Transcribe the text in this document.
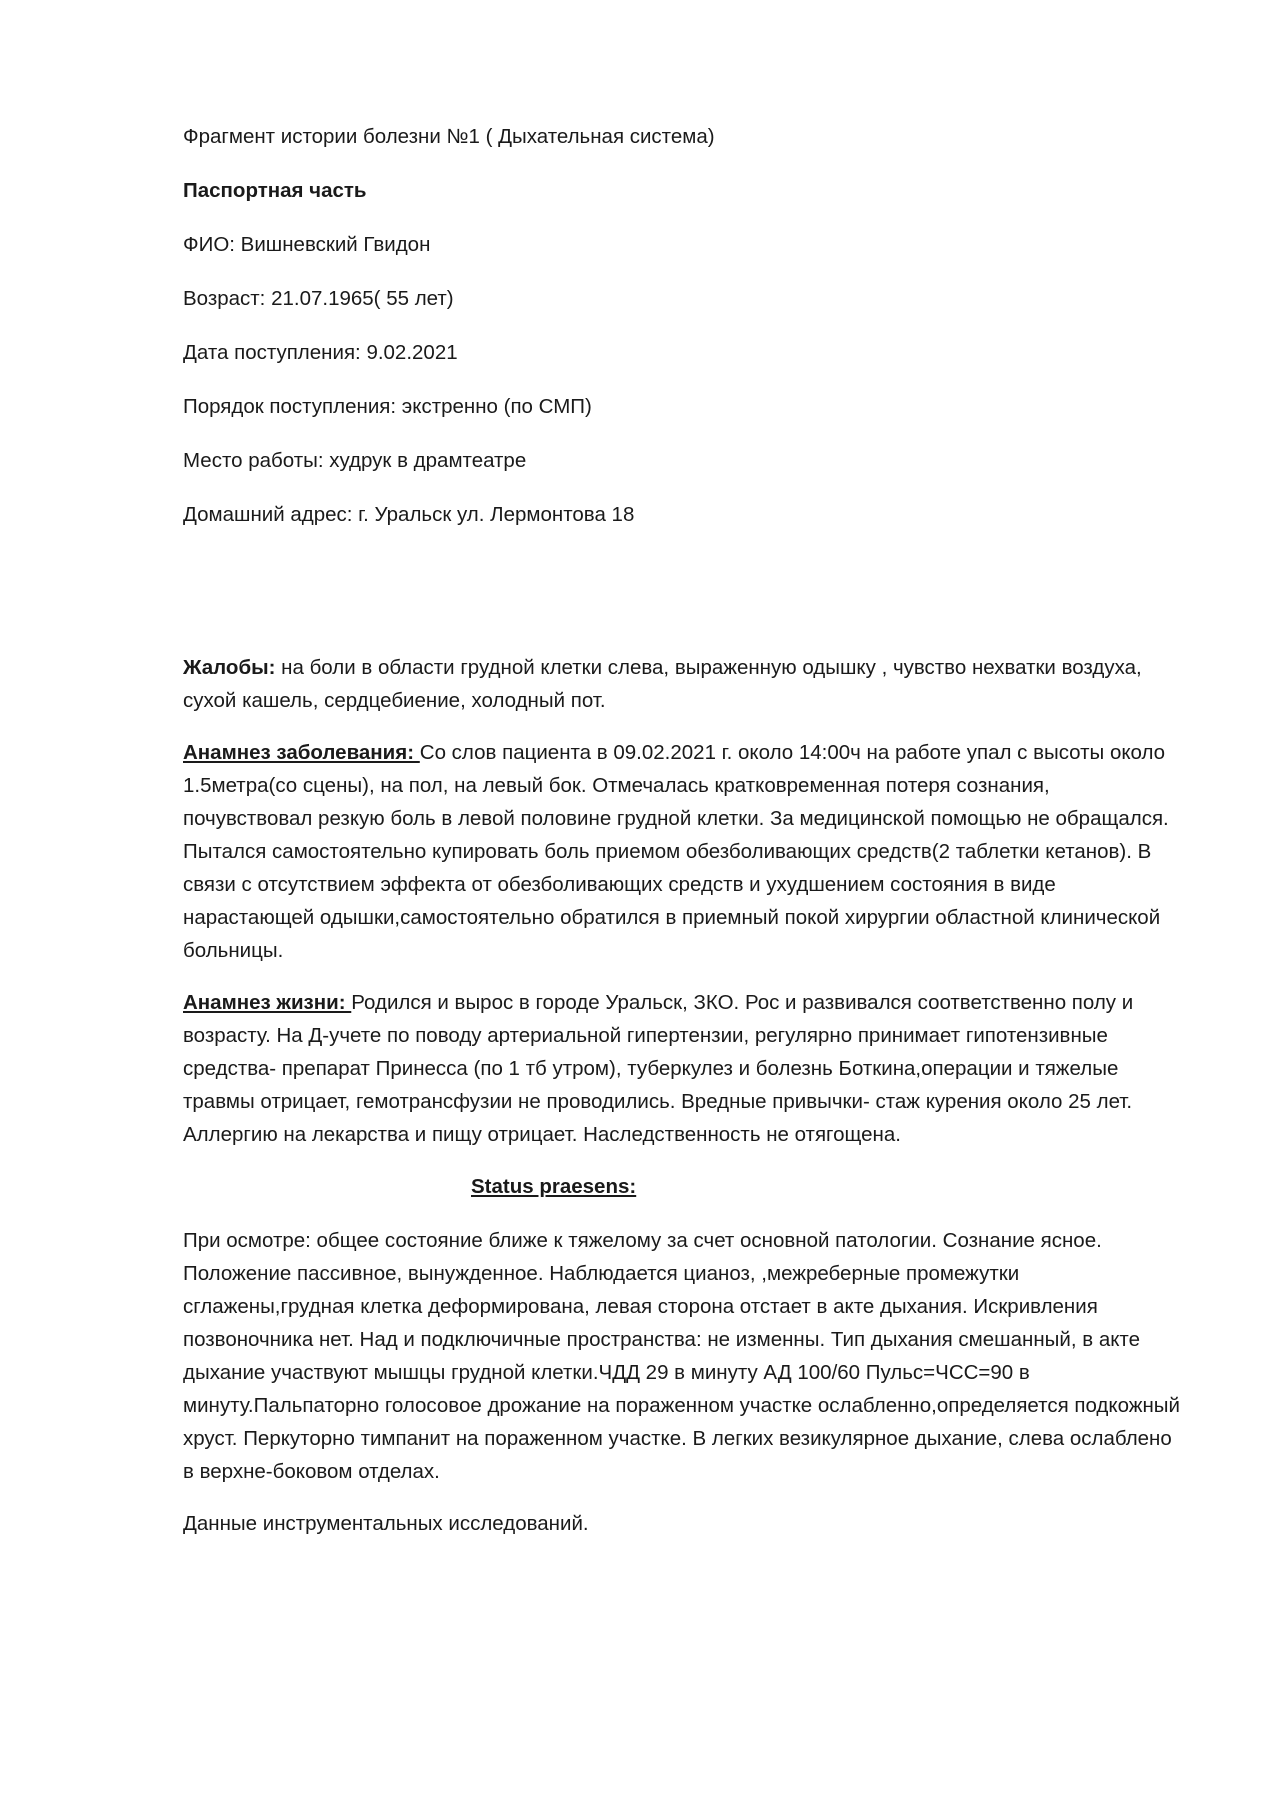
Фрагмент истории болезни №1 ( Дыхательная система)

Паспортная часть

ФИО: Вишневский Гвидон

Возраст: 21.07.1965( 55 лет)

Дата поступления: 9.02.2021

Порядок поступления: экстренно (по СМП)

Место работы: худрук в драмтеатре

Домашний адрес: г. Уральск ул. Лермонтова 18

Жалобы: на боли в области грудной клетки слева, выраженную одышку , чувство нехватки воздуха, сухой кашель, сердцебиение, холодный пот.

Анамнез заболевания: Со слов пациента в 09.02.2021 г. около 14:00ч на работе упал с высоты около 1.5метра(со сцены), на пол, на левый бок. Отмечалась кратковременная потеря сознания, почувствовал резкую боль в левой половине грудной клетки. За медицинской помощью не обращался. Пытался самостоятельно купировать боль приемом обезболивающих средств(2 таблетки кетанов). В связи с отсутствием эффекта от обезболивающих средств и ухудшением состояния в виде нарастающей одышки,самостоятельно обратился в приемный покой хирургии областной клинической больницы.

Анамнез жизни: Родился и вырос в городе Уральск, ЗКО. Рос и развивался соответственно полу и возрасту. На Д-учете по поводу артериальной гипертензии, регулярно принимает гипотензивные средства- препарат Принесса (по 1 тб утром), туберкулез и болезнь Боткина,операции и тяжелые травмы отрицает, гемотрансфузии не проводились. Вредные привычки- стаж курения около 25 лет. Аллергию на лекарства и пищу отрицает. Наследственность не отягощена.

Status praesens:

При осмотре: общее состояние ближе к тяжелому за счет основной патологии. Сознание ясное. Положение пассивное, вынужденное. Наблюдается цианоз, ,межреберные промежутки сглажены,грудная клетка деформирована, левая сторона отстает в акте дыхания. Искривления позвоночника нет. Над и подключичные пространства: не изменны. Тип дыхания смешанный, в акте дыхание участвуют мышцы грудной клетки.ЧДД 29 в минуту АД 100/60 Пульс=ЧСС=90 в минуту.Пальпаторно голосовое дрожание на пораженном участке ослабленно,определяется подкожный хруст. Перкуторно тимпанит на пораженном участке. В легких везикулярное дыхание, слева ослаблено в верхне-боковом отделах.

Данные инструментальных исследований.
